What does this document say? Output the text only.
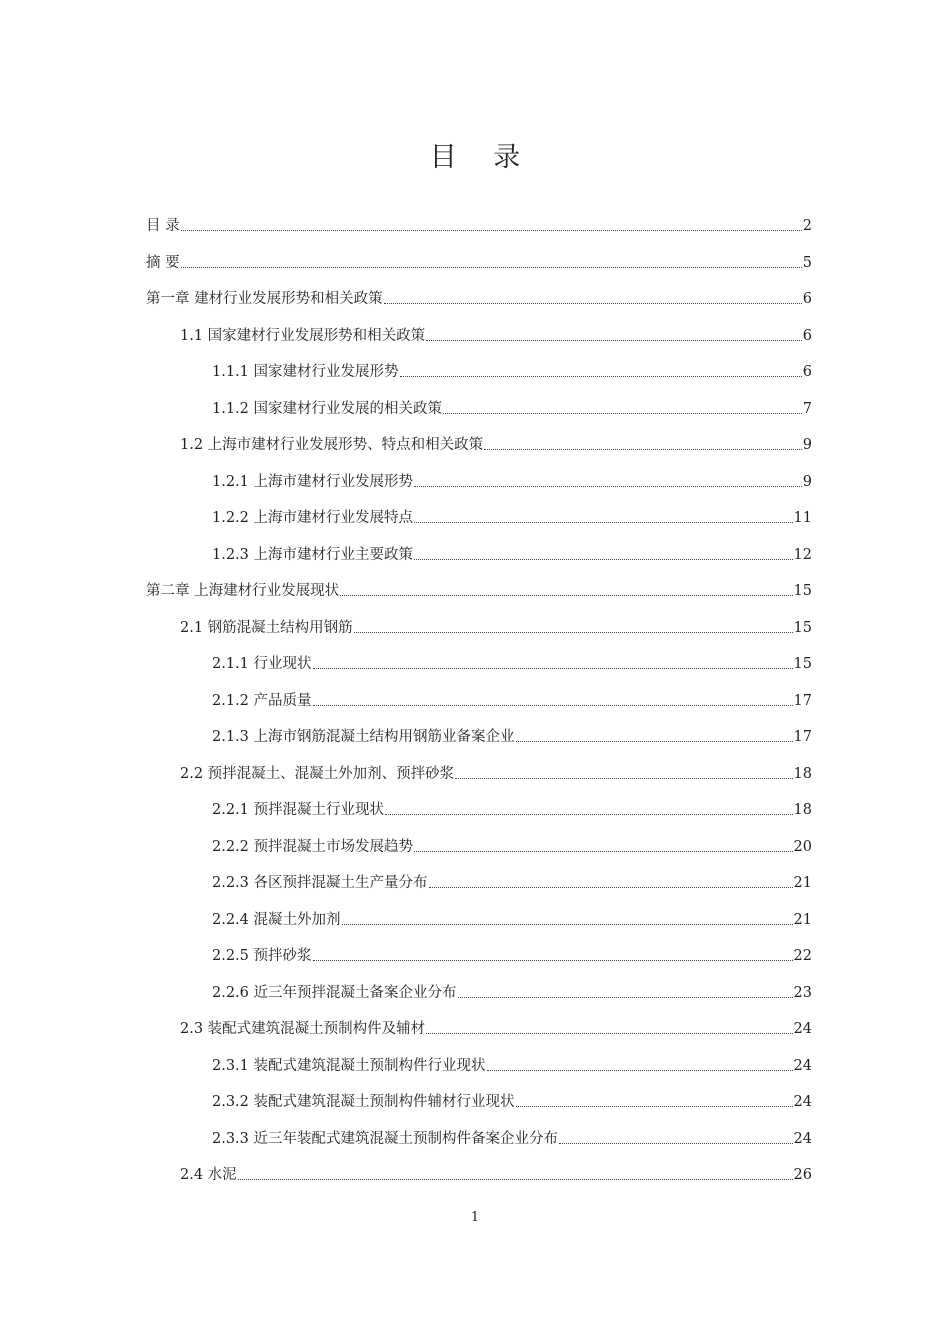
目 录
目 录	2
摘 要	5
第一章 建材行业发展形势和相关政策	6
1.1 国家建材行业发展形势和相关政策	6
1.1.1 国家建材行业发展形势	6
1.1.2 国家建材行业发展的相关政策	7
1.2 上海市建材行业发展形势、特点和相关政策	9
1.2.1 上海市建材行业发展形势	9
1.2.2 上海市建材行业发展特点	11
1.2.3 上海市建材行业主要政策	12
第二章 上海建材行业发展现状	15
2.1 钢筋混凝土结构用钢筋	15
2.1.1 行业现状	15
2.1.2 产品质量	17
2.1.3 上海市钢筋混凝土结构用钢筋业备案企业	17
2.2 预拌混凝土、混凝土外加剂、预拌砂浆	18
2.2.1 预拌混凝土行业现状	18
2.2.2 预拌混凝土市场发展趋势	20
2.2.3 各区预拌混凝土生产量分布	21
2.2.4 混凝土外加剂	21
2.2.5 预拌砂浆	22
2.2.6 近三年预拌混凝土备案企业分布	23
2.3 装配式建筑混凝土预制构件及辅材	24
2.3.1 装配式建筑混凝土预制构件行业现状	24
2.3.2 装配式建筑混凝土预制构件辅材行业现状	24
2.3.3 近三年装配式建筑混凝土预制构件备案企业分布	24
2.4 水泥	26
1
